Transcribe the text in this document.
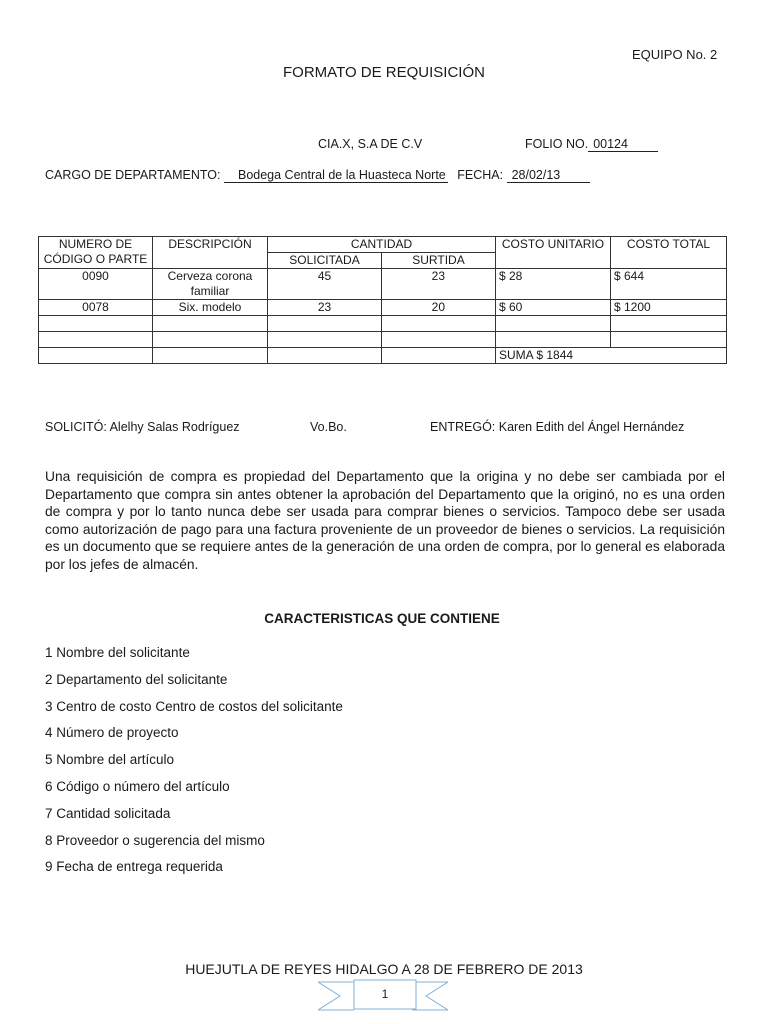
EQUIPO No. 2
FORMATO DE REQUISICIÓN
CIA.X, S.A DE C.V	FOLIO NO. 00124
CARGO DE DEPARTAMENTO: Bodega Central de la Huasteca Norte FECHA: 28/02/13
NUMERO DE CÓDIGO O PARTE	DESCRIPCIÓN	CANTIDAD		COSTO UNITARIO	COSTO TOTAL
		SOLICITADA	SURTIDA		
0090	Cerveza corona familiar	45	23	$ 28	$ 644
0078	Six. modelo	23	20	$ 60	$ 1200

				SUMA $ 1844	
SOLICITÓ: Alelhy Salas Rodríguez	Vo.Bo.	ENTREGÓ: Karen Edith del Ángel Hernández
Una requisición de compra es propiedad del Departamento que la origina y no debe ser cambiada por el Departamento que compra sin antes obtener la aprobación del Departamento que la originó, no es una orden de compra y por lo tanto nunca debe ser usada para comprar bienes o servicios. Tampoco debe ser usada como autorización de pago para una factura proveniente de un proveedor de bienes o servicios. La requisición es un documento que se requiere antes de la generación de una orden de compra, por lo general es elaborada por los jefes de almacén.
CARACTERISTICAS QUE CONTIENE
1 Nombre del solicitante
2 Departamento del solicitante
3 Centro de costo Centro de costos del solicitante
4 Número de proyecto
5 Nombre del artículo
6 Código o número del artículo
7 Cantidad solicitada
8 Proveedor o sugerencia del mismo
9 Fecha de entrega requerida
HUEJUTLA DE REYES HIDALGO A 28 DE FEBRERO DE 2013
1
